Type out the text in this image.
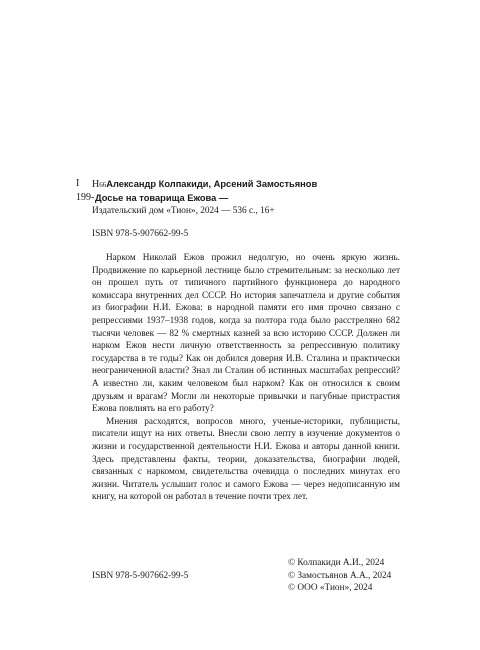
I Н66Александр Колпакиди, Арсений Замостьянов
199- Досье на товарища Ежова —
Издательский дом «Тион», 2024 — 536 с., 16+
ISBN 978-5-907662-99-5

Нарком Николай Ежов прожил недолгую, но очень яркую жизнь. Продвижение по карьерной лестнице было стремительным: за несколько лет он прошел путь от типичного партийного функционера до народного комиссара внутренних дел СССР. Но история запечатлела и другие события из биографии Н.И. Ежова: в народной памяти его имя прочно связано с репрессиями 1937–1938 годов, когда за полтора года было расстреляно 682 тысячи человек — 82 % смертных казней за всю историю СССР. Должен ли нарком Ежов нести личную ответственность за репрессивную политику государства в те годы? Как он добился доверия И.В. Сталина и практически неограниченной власти? Знал ли Сталин об истинных масштабах репрессий? А известно ли, каким человеком был нарком? Как он относился к своим друзьям и врагам? Могли ли некоторые привычки и пагубные пристрастия Ежова повлиять на его работу?

Мнения расходятся, вопросов много, ученые-историки, публицисты, писатели ищут на них ответы. Внесли свою лепту в изучение документов о жизни и государственной деятельности Н.И. Ежова и авторы данной книги. Здесь представлены факты, теории, доказательства, биографии людей, связанных с наркомом, свидетельства очевидца о последних минутах его жизни. Читатель услышит голос и самого Ежова — через недописанную им книгу, на которой он работал в течение почти трех лет.

ISBN 978-5-907662-99-5
© Колпакиди А.И., 2024
© Замостьянов А.А., 2024
© ООО «Тион», 2024
